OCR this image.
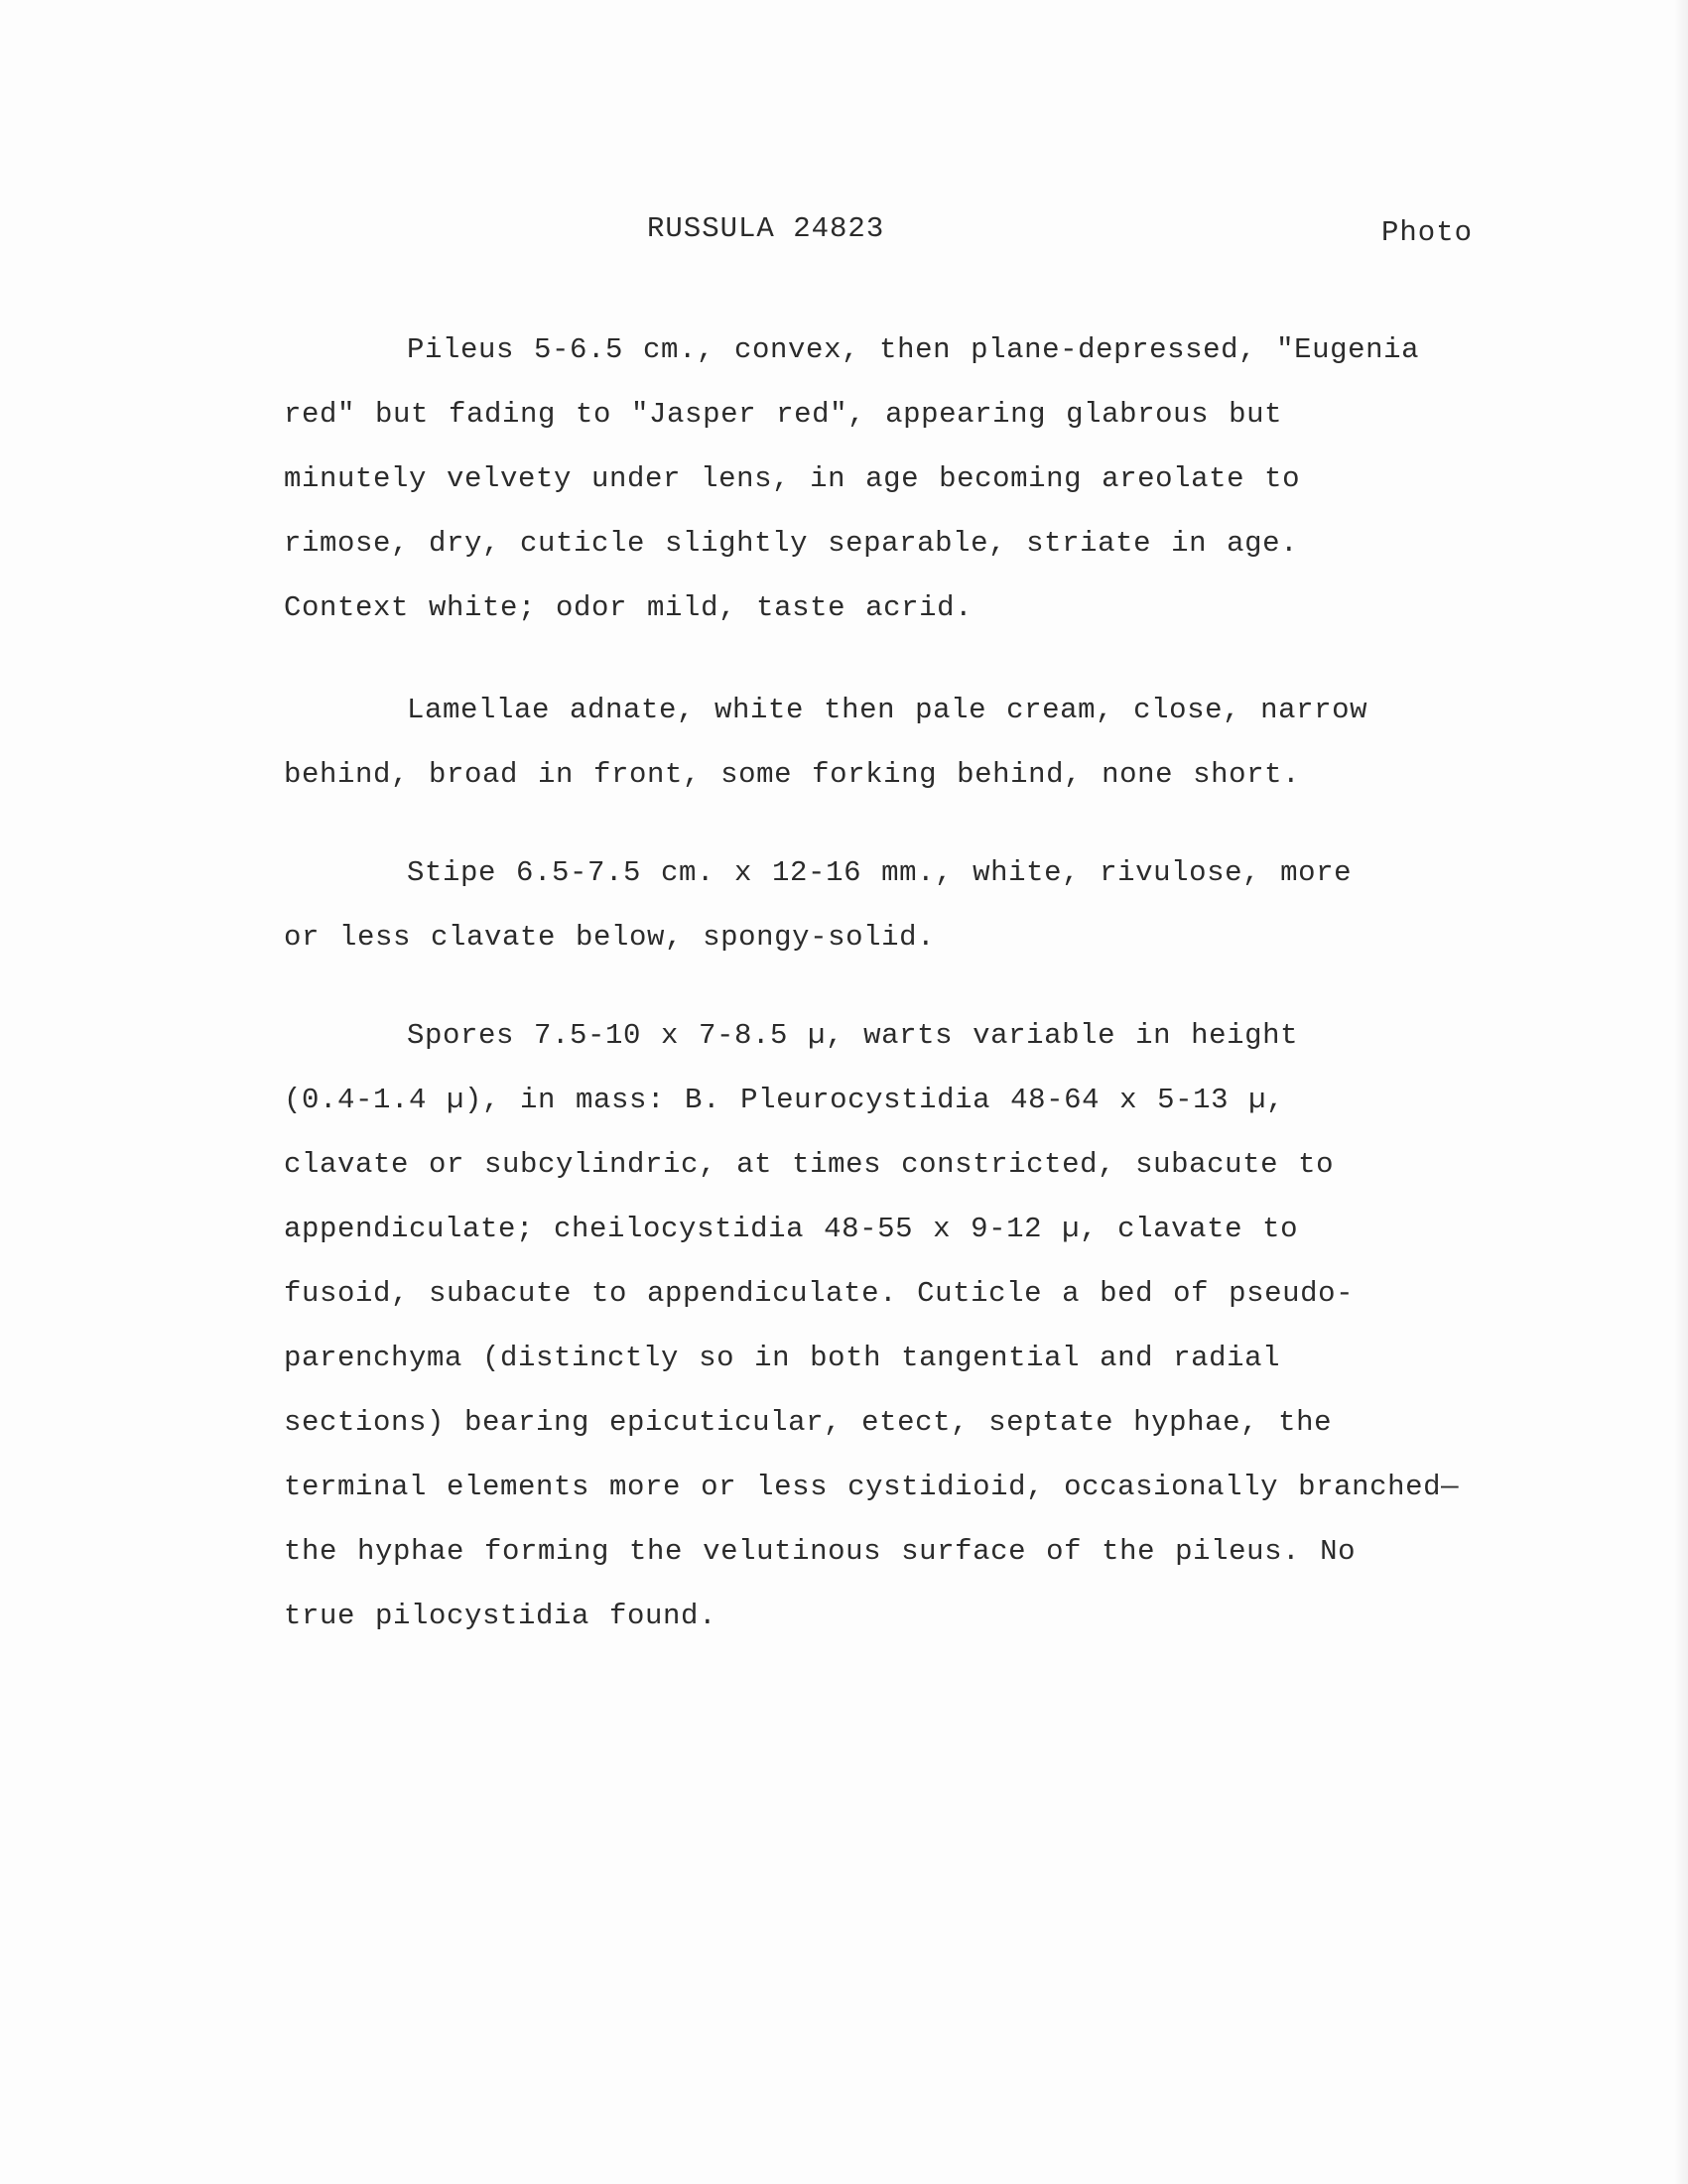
RUSSULA 24823	Photo

Pileus 5-6.5 cm., convex, then plane-depressed, "Eugenia
red" but fading to "Jasper red", appearing glabrous but
minutely velvety under lens, in age becoming areolate to
rimose, dry, cuticle slightly separable, striate in age.
Context white; odor mild, taste acrid.

Lamellae adnate, white then pale cream, close, narrow
behind, broad in front, some forking behind, none short.

Stipe 6.5-7.5 cm. x 12-16 mm., white, rivulose, more
or less clavate below, spongy-solid.

Spores 7.5-10 x 7-8.5 µ, warts variable in height
(0.4-1.4 µ), in mass: B. Pleurocystidia 48-64 x 5-13 µ,
clavate or subcylindric, at times constricted, subacute to
appendiculate; cheilocystidia 48-55 x 9-12 µ, clavate to
fusoid, subacute to appendiculate. Cuticle a bed of pseudo-
parenchyma (distinctly so in both tangential and radial
sections) bearing epicuticular, etect, septate hyphae, the
terminal elements more or less cystidioid, occasionally branched—
the hyphae forming the velutinous surface of the pileus. No
true pilocystidia found.
